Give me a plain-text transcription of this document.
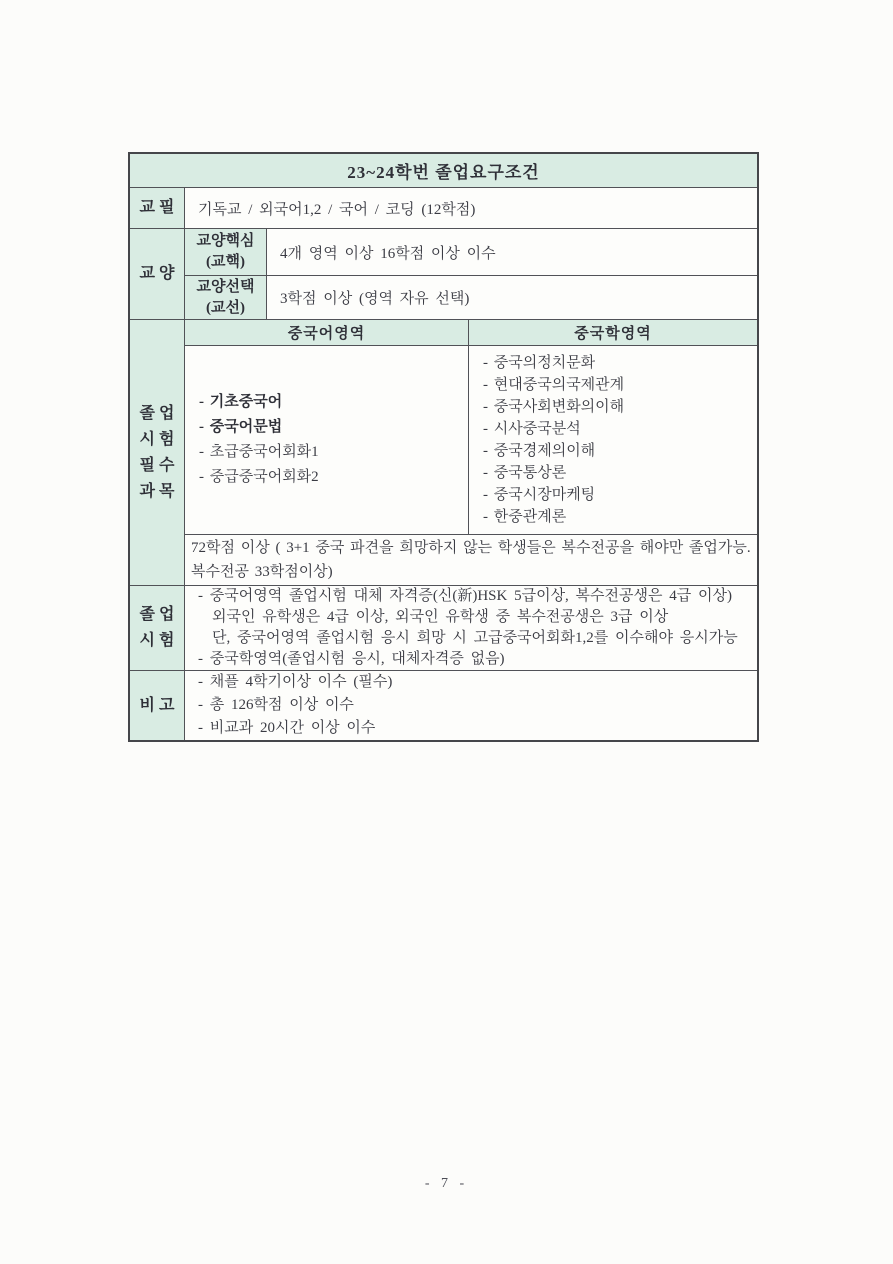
23~24학번 졸업요구조건
교 필	기독교 / 외국어1,2 / 국어 / 코딩 (12학점)
교 양
교양핵심
(교핵)
4개 영역 이상 16학점 이상 이수
교양선택
(교선)
3학점 이상 (영역 자유 선택)
졸 업
시 험
필 수
과 목
중국어영역	중국학영역
- 기초중국어
- 중국어문법
- 초급중국어회화1
- 중급중국어회화2
- 중국의정치문화
- 현대중국의국제관계
- 중국사회변화의이해
- 시사중국분석
- 중국경제의이해
- 중국통상론
- 중국시장마케팅
- 한중관계론
72학점 이상 ( 3+1 중국 파견을 희망하지 않는 학생들은 복수전공을 해야만 졸업가능.
복수전공 33학점이상)
졸 업
시 험
- 중국어영역 졸업시험 대체 자격증(신(新)HSK 5급이상, 복수전공생은 4급 이상)
외국인 유학생은 4급 이상, 외국인 유학생 중 복수전공생은 3급 이상
단, 중국어영역 졸업시험 응시 희망 시 고급중국어회화1,2를 이수해야 응시가능
- 중국학영역(졸업시험 응시, 대체자격증 없음)
비 고
- 채플 4학기이상 이수 (필수)
- 총 126학점 이상 이수
- 비교과 20시간 이상 이수
- 7 -
